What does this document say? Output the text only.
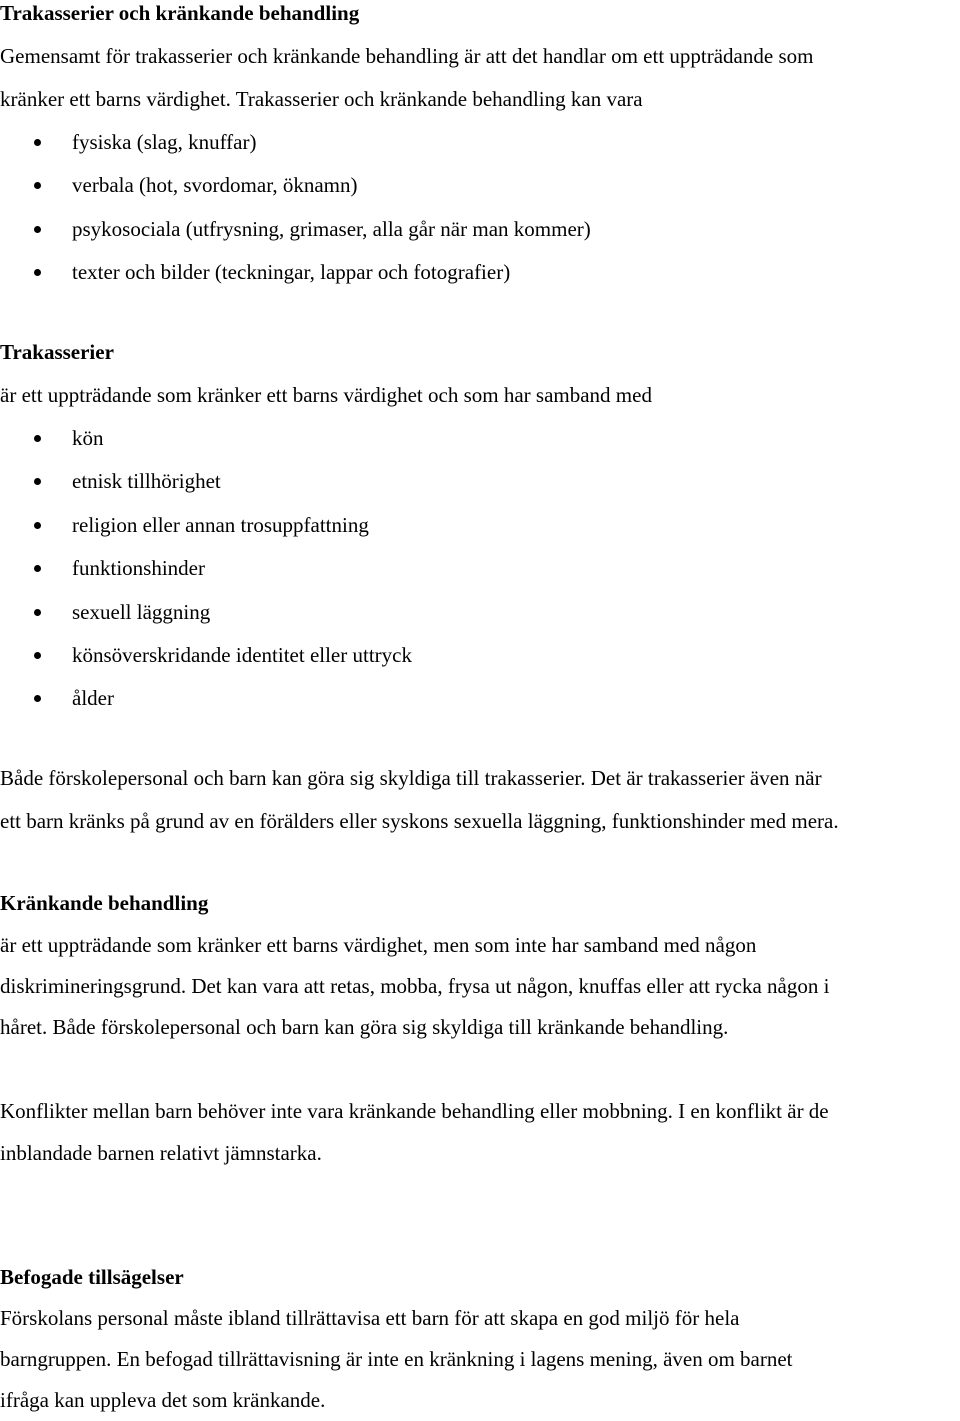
Trakasserier och kränkande behandling

Gemensamt för trakasserier och kränkande behandling är att det handlar om ett uppträdande som

kränker ett barns värdighet. Trakasserier och kränkande behandling kan vara

fysiska (slag, knuffar)
verbala (hot, svordomar, öknamn)
psykosociala (utfrysning, grimaser, alla går när man kommer)
texter och bilder (teckningar, lappar och fotografier)
Trakasserier

är ett uppträdande som kränker ett barns värdighet och som har samband med

kön
etnisk tillhörighet
religion eller annan trosuppfattning
funktionshinder
sexuell läggning
könsöverskridande identitet eller uttryck
ålder

Både förskolepersonal och barn kan göra sig skyldiga till trakasserier. Det är trakasserier även när

ett barn kränks på grund av en förälders eller syskons sexuella läggning, funktionshinder med mera.

Kränkande behandling

är ett uppträdande som kränker ett barns värdighet, men som inte har samband med någon

diskrimineringsgrund. Det kan vara att retas, mobba, frysa ut någon, knuffas eller att rycka någon i

håret. Både förskolepersonal och barn kan göra sig skyldiga till kränkande behandling.

Konflikter mellan barn behöver inte vara kränkande behandling eller mobbning. I en konflikt är de

inblandade barnen relativt jämnstarka.

Befogade tillsägelser

Förskolans personal måste ibland tillrättavisa ett barn för att skapa en god miljö för hela

barngruppen. En befogad tillrättavisning är inte en kränkning i lagens mening, även om barnet

ifråga kan uppleva det som kränkande.
